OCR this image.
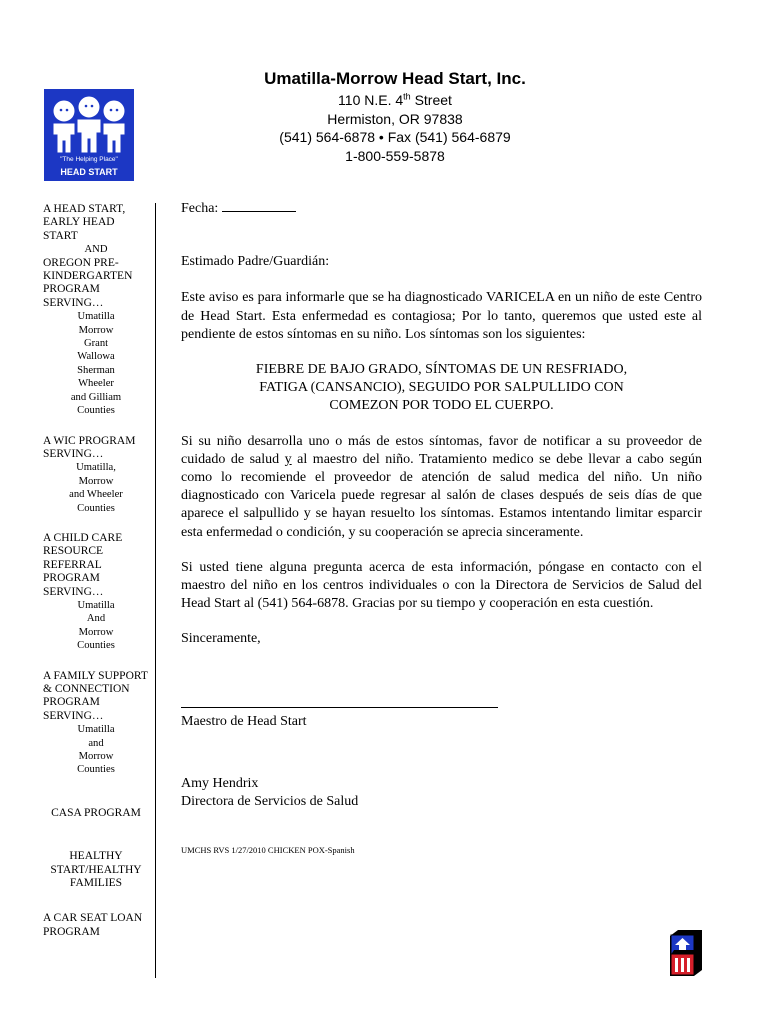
Umatilla-Morrow Head Start, Inc.
110 N.E. 4th Street
Hermiston, OR 97838
(541) 564-6878 • Fax (541) 564-6879
1-800-559-5878
"The Helping Place"
HEAD START
A HEAD START, EARLY HEAD START
AND
OREGON PRE-KINDERGARTEN PROGRAM SERVING…
Umatilla
Morrow
Grant
Wallowa
Sherman
Wheeler
and Gilliam
Counties
A WIC PROGRAM SERVING…
Umatilla,
Morrow
and Wheeler
Counties
A CHILD CARE RESOURCE REFERRAL PROGRAM SERVING…
Umatilla
And
Morrow
Counties
A FAMILY SUPPORT & CONNECTION PROGRAM SERVING…
Umatilla
and
Morrow
Counties
CASA PROGRAM
HEALTHY START/HEALTHY FAMILIES
A CAR SEAT LOAN PROGRAM

Fecha:

Estimado Padre/Guardián:

Este aviso es para informarle que se ha diagnosticado VARICELA en un niño de este Centro de Head Start. Esta enfermedad es contagiosa; Por lo tanto, queremos que usted este al pendiente de estos síntomas en su niño. Los síntomas son los siguientes:

FIEBRE DE BAJO GRADO, SÍNTOMAS DE UN RESFRIADO, FATIGA (CANSANCIO), SEGUIDO POR SALPULLIDO CON COMEZON POR TODO EL CUERPO.

Si su niño desarrolla uno o más de estos síntomas, favor de notificar a su proveedor de cuidado de salud y al maestro del niño. Tratamiento medico se debe llevar a cabo según como lo recomiende el proveedor de atención de salud medica del niño. Un niño diagnosticado con Varicela puede regresar al salón de clases después de seis días de que aparece el salpullido y se hayan resuelto los síntomas. Estamos intentando limitar esparcir esta enfermedad o condición, y su cooperación se aprecia sinceramente.

Si usted tiene alguna pregunta acerca de esta información, póngase en contacto con el maestro del niño en los centros individuales o con la Directora de Servicios de Salud del Head Start al (541) 564-6878. Gracias por su tiempo y cooperación en esta cuestión.

Sinceramente,

Maestro de Head Start

Amy Hendrix

Directora de Servicios de Salud

UMCHS RVS 1/27/2010 CHICKEN POX-Spanish
